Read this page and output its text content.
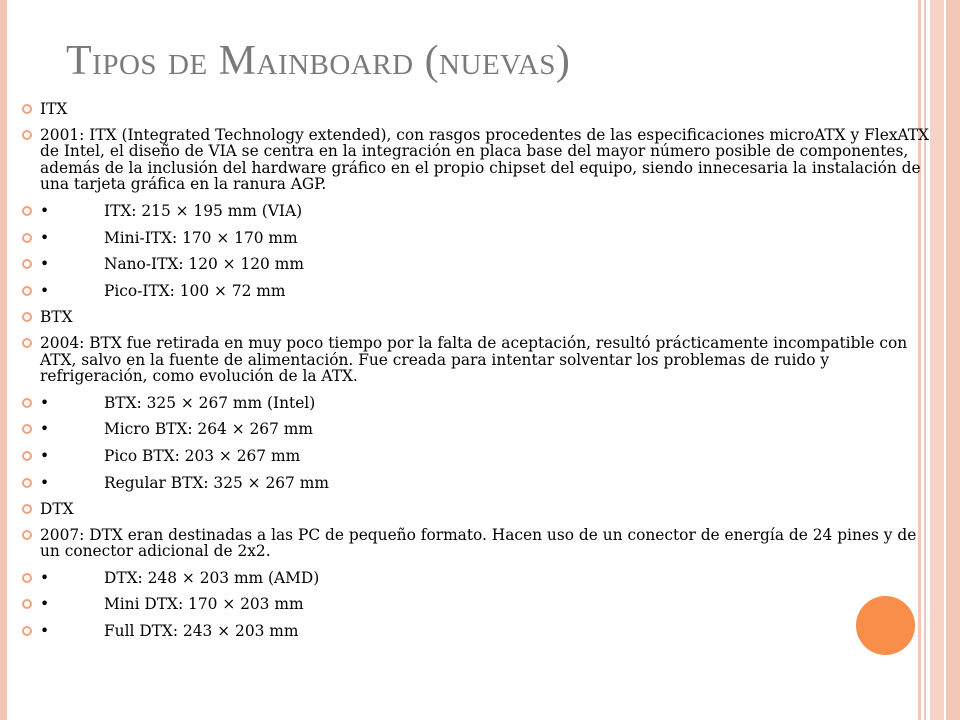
Tipos de Mainboard (nuevas)
ITX
2001: ITX (Integrated Technology extended), con rasgos procedentes de las especificaciones microATX y FlexATX de Intel, el diseño de VIA se centra en la integración en placa base del mayor número posible de componentes, además de la inclusión del hardware gráfico en el propio chipset del equipo, siendo innecesaria la instalación de una tarjeta gráfica en la ranura AGP.
•	ITX: 215 × 195 mm (VIA)
•	Mini-ITX: 170 × 170 mm
•	Nano-ITX: 120 × 120 mm
•	Pico-ITX: 100 × 72 mm
BTX
2004: BTX fue retirada en muy poco tiempo por la falta de aceptación, resultó prácticamente incompatible con ATX, salvo en la fuente de alimentación. Fue creada para intentar solventar los problemas de ruido y refrigeración, como evolución de la ATX.
•	BTX: 325 × 267 mm (Intel)
•	Micro BTX: 264 × 267 mm
•	Pico BTX: 203 × 267 mm
•	Regular BTX: 325 × 267 mm
DTX
2007: DTX eran destinadas a las PC de pequeño formato. Hacen uso de un conector de energía de 24 pines y de un conector adicional de 2x2.
•	DTX: 248 × 203 mm (AMD)
•	Mini DTX: 170 × 203 mm
•	Full DTX: 243 × 203 mm
